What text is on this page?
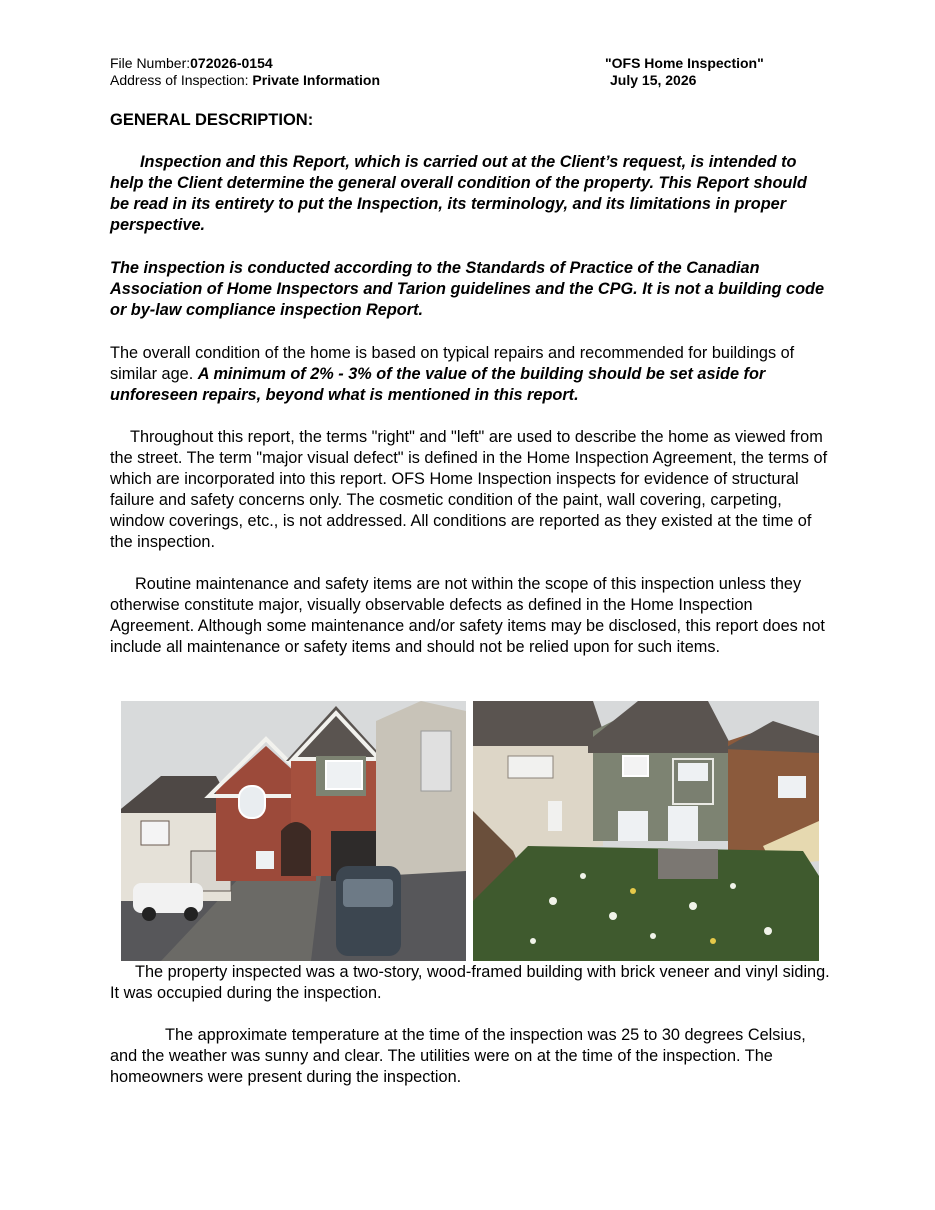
File Number:072026-0154
Address of Inspection: Private Information
"OFS Home Inspection"
July 15, 2026
GENERAL DESCRIPTION:
Inspection and this Report, which is carried out at the Client’s request, is intended to help the Client determine the general overall condition of the property. This Report should be read in its entirety to put the Inspection, its terminology, and its limitations in proper perspective.
The inspection is conducted according to the Standards of Practice of the Canadian Association of Home Inspectors and Tarion guidelines and the CPG. It is not a building code or by-law compliance inspection Report.
The overall condition of the home is based on typical repairs and recommended for buildings of similar age. A minimum of 2% - 3% of the value of the building should be set aside for unforeseen repairs, beyond what is mentioned in this report.
Throughout this report, the terms "right" and "left" are used to describe the home as viewed from the street. The term "major visual defect" is defined in the Home Inspection Agreement, the terms of which are incorporated into this report. OFS Home Inspection inspects for evidence of structural failure and safety concerns only. The cosmetic condition of the paint, wall covering, carpeting, window coverings, etc., is not addressed. All conditions are reported as they existed at the time of the inspection.
Routine maintenance and safety items are not within the scope of this inspection unless they otherwise constitute major, visually observable defects as defined in the Home Inspection Agreement. Although some maintenance and/or safety items may be disclosed, this report does not include all maintenance or safety items and should not be relied upon for such items.
The property inspected was a two-story, wood-framed building with brick veneer and vinyl siding. It was occupied during the inspection.
The approximate temperature at the time of the inspection was 25 to 30 degrees Celsius, and the weather was sunny and clear. The utilities were on at the time of the inspection. The homeowners were present during the inspection.
